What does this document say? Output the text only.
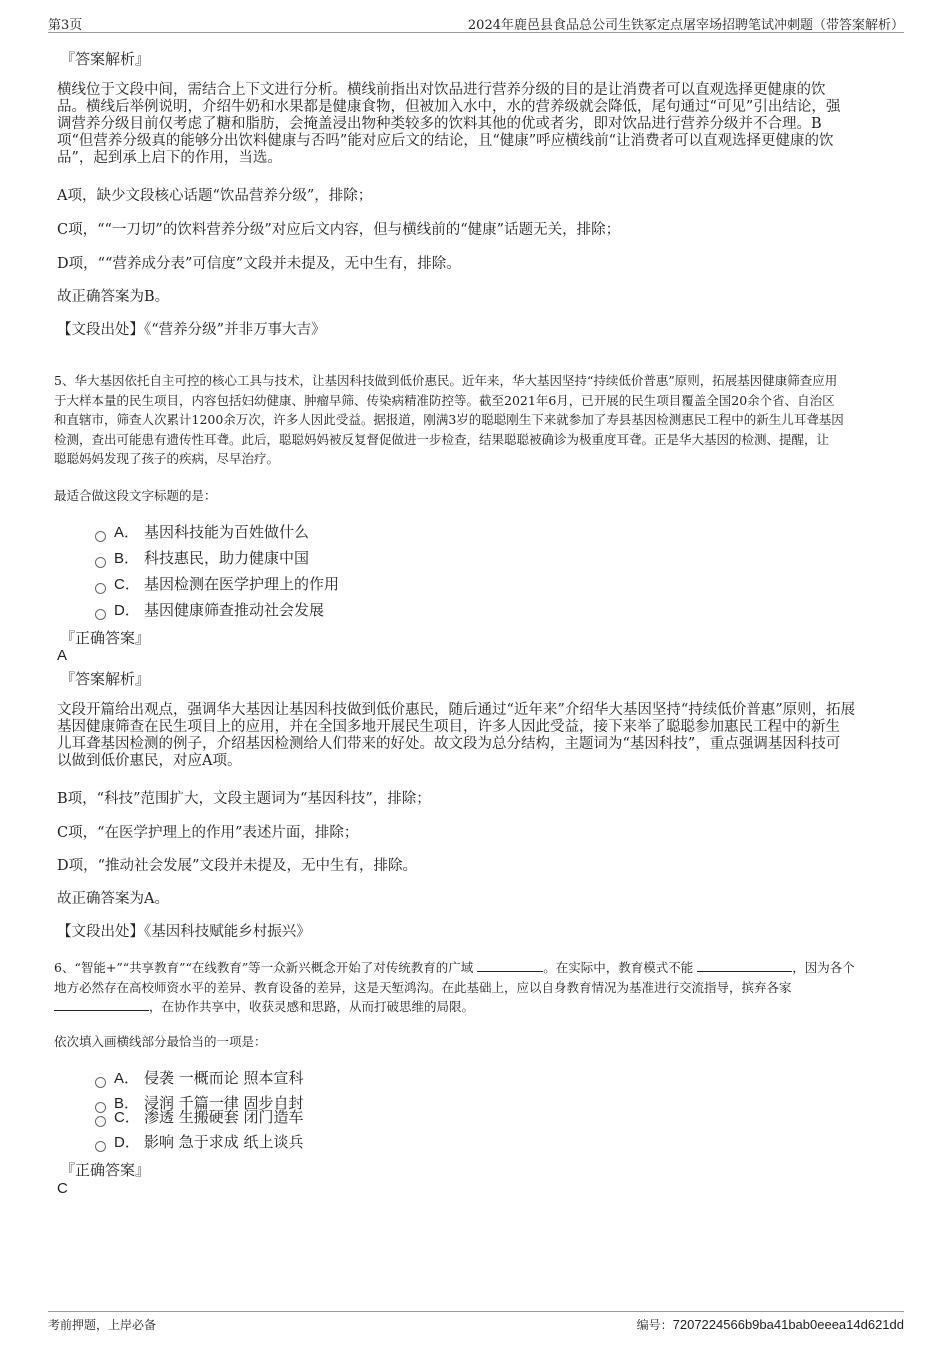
第3页	2024年鹿邑县食品总公司生铁冢定点屠宰场招聘笔试冲刺题（带答案解析）
『答案解析』
横线位于文段中间，需结合上下文进行分析。横线前指出对饮品进行营养分级的目的是让消费者可以直观选择更健康的饮
品。横线后举例说明，介绍牛奶和水果都是健康食物，但被加入水中，水的营养级就会降低，尾句通过“可见”引出结论，强
调营养分级目前仅考虑了糖和脂肪，会掩盖浸出物种类较多的饮料其他的优或者劣，即对饮品进行营养分级并不合理。B
项“但营养分级真的能够分出饮料健康与否吗”能对应后文的结论，且“健康”呼应横线前“让消费者可以直观选择更健康的饮
品”，起到承上启下的作用，当选。
A项，缺少文段核心话题“饮品营养分级”，排除；
C项，““一刀切”的饮料营养分级”对应后文内容，但与横线前的“健康”话题无关，排除；
D项，““营养成分表”可信度”文段并未提及，无中生有，排除。
故正确答案为B。
【文段出处】《“营养分级”并非万事大吉》
5、华大基因依托自主可控的核心工具与技术，让基因科技做到低价惠民。近年来，华大基因坚持“持续低价普惠”原则，拓展基因健康筛查应用
于大样本量的民生项目，内容包括妇幼健康、肿瘤早筛、传染病精准防控等。截至2021年6月，已开展的民生项目覆盖全国20余个省、自治区
和直辖市，筛查人次累计1200余万次，许多人因此受益。据报道，刚满3岁的聪聪刚生下来就参加了寿县基因检测惠民工程中的新生儿耳聋基因
检测，查出可能患有遗传性耳聋。此后，聪聪妈妈被反复督促做进一步检查，结果聪聪被确诊为极重度耳聋。正是华大基因的检测、提醒，让
聪聪妈妈发现了孩子的疾病，尽早治疗。
最适合做这段文字标题的是：
A． 基因科技能为百姓做什么
B． 科技惠民，助力健康中国
C． 基因检测在医学护理上的作用
D． 基因健康筛查推动社会发展
『正确答案』
A
『答案解析』
文段开篇给出观点，强调华大基因让基因科技做到低价惠民，随后通过“近年来”介绍华大基因坚持“持续低价普惠”原则，拓展
基因健康筛查在民生项目上的应用，并在全国多地开展民生项目，许多人因此受益，接下来举了聪聪参加惠民工程中的新生
儿耳聋基因检测的例子，介绍基因检测给人们带来的好处。故文段为总分结构，主题词为“基因科技”，重点强调基因科技可
以做到低价惠民，对应A项。
B项，“科技”范围扩大，文段主题词为“基因科技”，排除；
C项，“在医学护理上的作用”表述片面，排除；
D项，“推动社会发展”文段并未提及，无中生有，排除。
故正确答案为A。
【文段出处】《基因科技赋能乡村振兴》
6、“智能+”“共享教育”“在线教育”等一众新兴概念开始了对传统教育的广域	。在实际中，教育模式不能	，因为各个
地方必然存在高校师资水平的差异、教育设备的差异，这是天堑鸿沟。在此基础上，应以自身教育情况为基准进行交流指导，摈弃各家
，在协作共享中，收获灵感和思路，从而打破思维的局限。
依次填入画横线部分最恰当的一项是：
A． 侵袭 一概而论 照本宣科
B． 浸润 千篇一律 固步自封
C． 渗透 生搬硬套 闭门造车
D． 影响 急于求成 纸上谈兵
『正确答案』
C
考前押题，上岸必备	编号：7207224566b9ba41bab0eeea14d621dd
